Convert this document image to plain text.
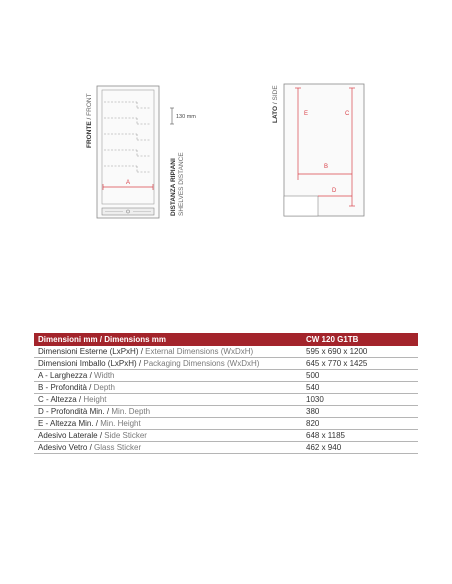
FRONTE / FRONT
A
130 mm
DISTANZA RIPIANI
SHELVES DISTANCE
LATO / SIDE
E	C
B
D
Dimensioni mm / Dimensions mm	CW 120 G1TB
Dimensioni Esterne (LxPxH) / External Dimensions (WxDxH)	595 x 690 x 1200
Dimensioni Imballo (LxPxH) / Packaging Dimensions (WxDxH)	645 x 770 x 1425
A - Larghezza / Width	500
B - Profondità / Depth	540
C - Altezza / Height	1030
D - Profondità Min. / Min. Depth	380
E - Altezza Min. / Min. Height	820
Adesivo Laterale / Side Sticker	648 x 1185
Adesivo Vetro / Glass Sticker	462 x 940
